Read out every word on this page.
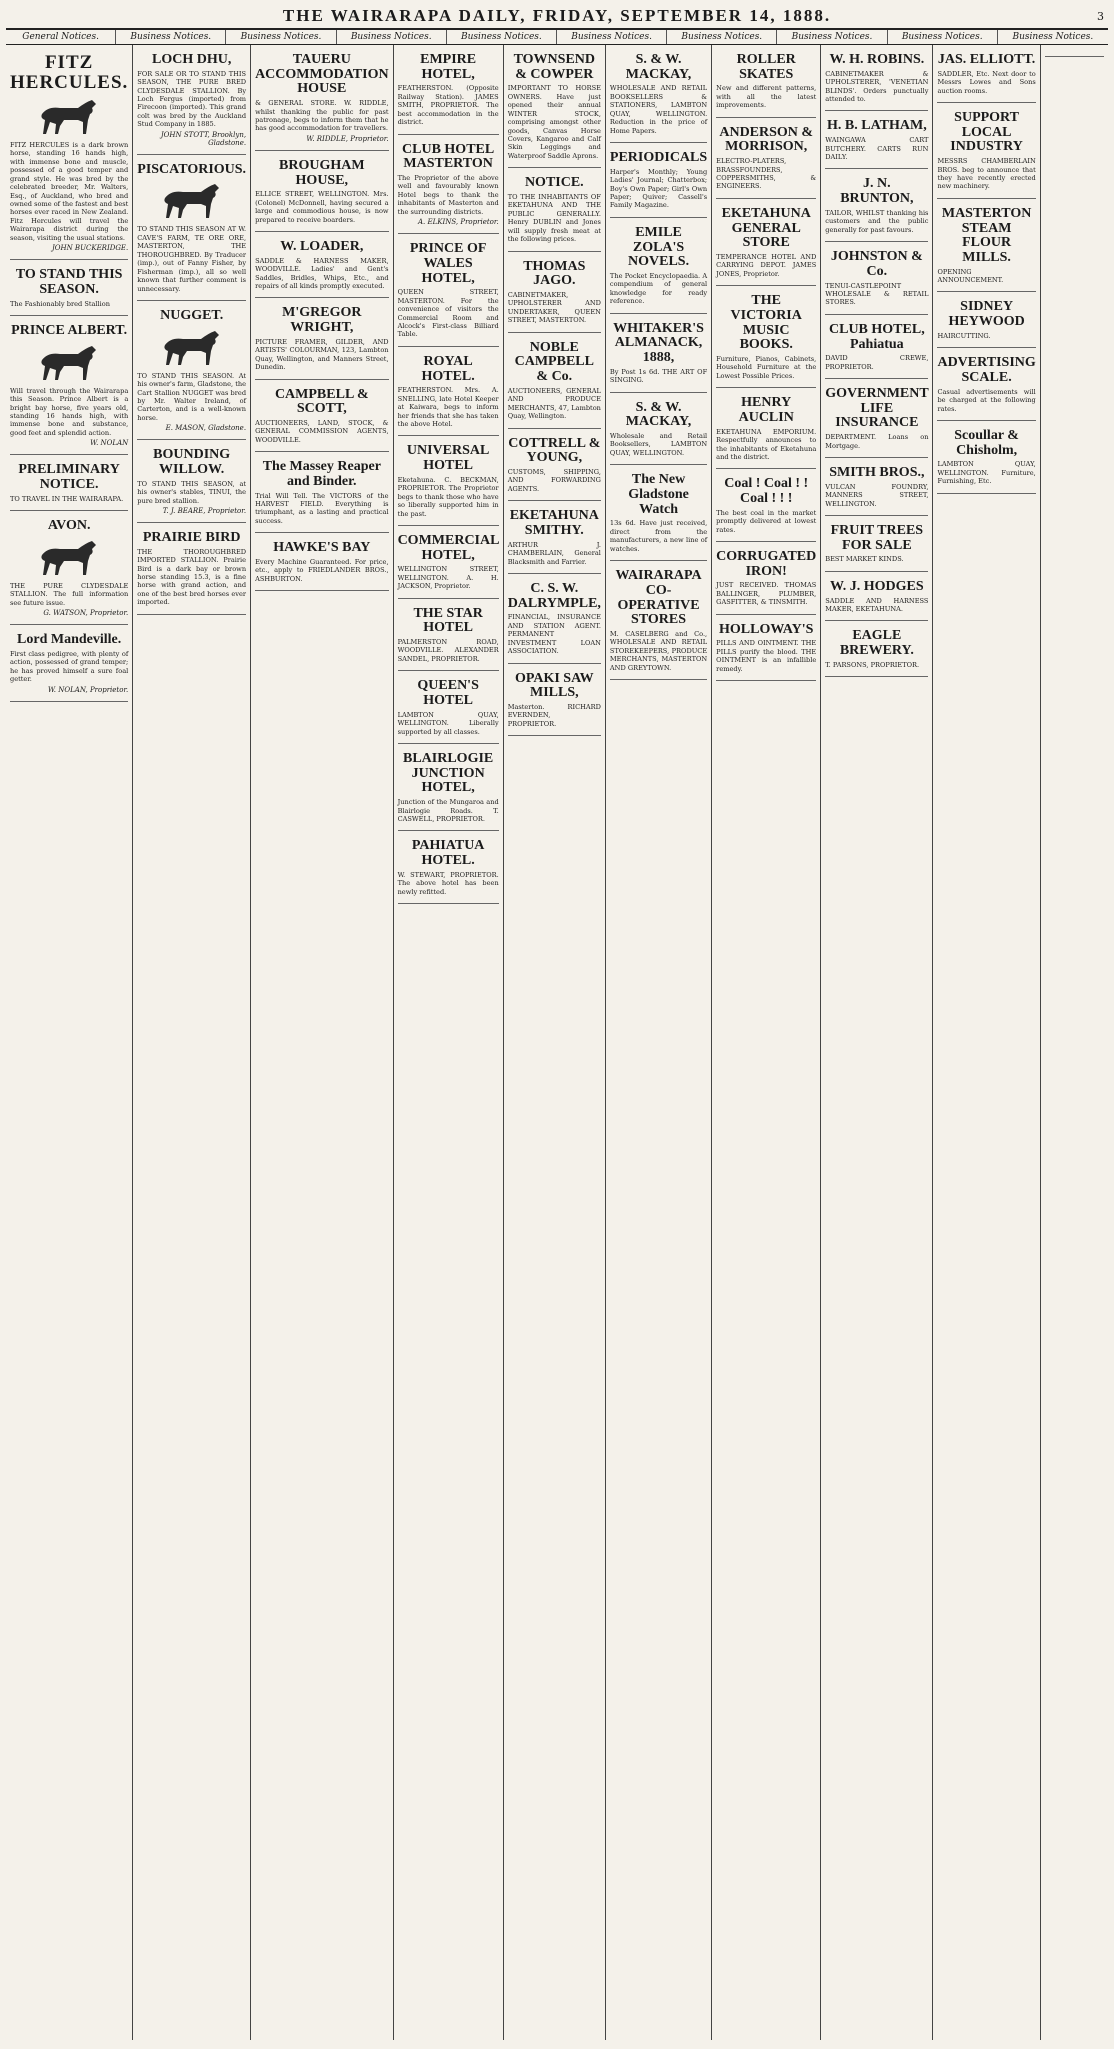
THE WAIRARAPA DAILY, FRIDAY, SEPTEMBER 14, 1888.	3
General Notices.	Business Notices.	Business Notices.	Business Notices.	Business Notices.	Business Notices.	Business Notices.	Business Notices.	Business Notices.	Business Notices.
FITZ HERCULES.

FITZ HERCULES is a dark brown horse, standing 16 hands high, with immense bone and muscle, possessed of a good temper and grand style. He was bred by the celebrated breeder, Mr. Walters, Esq., of Auckland, who bred and owned some of the fastest and best horses ever raced in New Zealand. Fitz Hercules will travel the Wairarapa district during the season, visiting the usual stations.

JOHN BUCKERIDGE.
TO STAND THIS SEASON.

The Fashionably bred Stallion

PRINCE ALBERT.

Will travel through the Wairarapa this Season. Prince Albert is a bright bay horse, five years old, standing 16 hands high, with immense bone and substance, good feet and splendid action.

W. NOLAN
PRELIMINARY NOTICE.

TO TRAVEL IN THE WAIRARAPA.

AVON.

THE PURE CLYDESDALE STALLION. The full information see future issue.

G. WATSON, Proprietor.
Lord Mandeville.

First class pedigree, with plenty of action, possessed of grand temper; he has proved himself a sure foal getter.

W. NOLAN, Proprietor.
LOCH DHU,

FOR SALE OR TO STAND THIS SEASON, THE PURE BRED CLYDESDALE STALLION. By Loch Fergus (imported) from Firecoon (imported). This grand colt was bred by the Auckland Stud Company in 1885.

JOHN STOTT, Brooklyn, Gladstone.
PISCATORIOUS.

TO STAND THIS SEASON AT W. CAVE'S FARM, TE ORE ORE, MASTERTON, THE THOROUGHBRED. By Traducer (imp.), out of Fanny Fisher, by Fisherman (imp.), all so well known that further comment is unnecessary.

NUGGET.

TO STAND THIS SEASON. At his owner's farm, Gladstone, the Cart Stallion NUGGET was bred by Mr. Walter Ireland, of Carterton, and is a well-known horse.

E. MASON, Gladstone.
BOUNDING WILLOW.

TO STAND THIS SEASON, at his owner's stables, TINUI, the pure bred stallion.

T. J. BEARE, Proprietor.
PRAIRIE BIRD

THE THOROUGHBRED IMPORTED STALLION. Prairie Bird is a dark bay or brown horse standing 15.3, is a fine horse with grand action, and one of the best bred horses ever imported.

TAUERU ACCOMMODATION HOUSE

& GENERAL STORE. W. RIDDLE, whilst thanking the public for past patronage, begs to inform them that he has good accommodation for travellers.

W. RIDDLE, Proprietor.
BROUGHAM HOUSE,

ELLICE STREET, WELLINGTON. Mrs. (Colonel) McDonnell, having secured a large and commodious house, is now prepared to receive boarders.

W. LOADER,

SADDLE & HARNESS MAKER, WOODVILLE. Ladies' and Gent's Saddles, Bridles, Whips, Etc., and repairs of all kinds promptly executed.

M'GREGOR WRIGHT,

PICTURE FRAMER, GILDER, AND ARTISTS' COLOURMAN, 123, Lambton Quay, Wellington, and Manners Street, Dunedin.

CAMPBELL & SCOTT,

AUCTIONEERS, LAND, STOCK, & GENERAL COMMISSION AGENTS, WOODVILLE.

The Massey Reaper and Binder.

Trial Will Tell. The VICTORS of the HARVEST FIELD. Everything is triumphant, as a lasting and practical success.

HAWKE'S BAY

Every Machine Guaranteed. For price, etc., apply to FRIEDLANDER BROS., ASHBURTON.

EMPIRE HOTEL,

FEATHERSTON. (Opposite Railway Station). JAMES SMITH, PROPRIETOR. The best accommodation in the district.

CLUB HOTEL MASTERTON

The Proprietor of the above well and favourably known Hotel begs to thank the inhabitants of Masterton and the surrounding districts.

A. ELKINS, Proprietor.
PRINCE OF WALES HOTEL,

QUEEN STREET, MASTERTON. For the convenience of visitors the Commercial Room and Alcock's First-class Billiard Table.

ROYAL HOTEL.

FEATHERSTON. Mrs. A. SNELLING, late Hotel Keeper at Kaiwara, begs to inform her friends that she has taken the above Hotel.

UNIVERSAL HOTEL

Eketahuna. C. BECKMAN, PROPRIETOR. The Proprietor begs to thank those who have so liberally supported him in the past.

COMMERCIAL HOTEL,

WELLINGTON STREET, WELLINGTON. A. H. JACKSON, Proprietor.

THE STAR HOTEL

PALMERSTON ROAD, WOODVILLE. ALEXANDER SANDEL, PROPRIETOR.

QUEEN'S HOTEL

LAMBTON QUAY, WELLINGTON. Liberally supported by all classes.

BLAIRLOGIE JUNCTION HOTEL,

Junction of the Mungaroa and Blairlogie Roads. T. CASWELL, PROPRIETOR.

PAHIATUA HOTEL.

W. STEWART, PROPRIETOR. The above hotel has been newly refitted.

TOWNSEND & COWPER

IMPORTANT TO HORSE OWNERS. Have just opened their annual WINTER STOCK, comprising amongst other goods, Canvas Horse Covers, Kangaroo and Calf Skin Leggings and Waterproof Saddle Aprons.

NOTICE.

TO THE INHABITANTS OF EKETAHUNA AND THE PUBLIC GENERALLY. Henry DUBLIN and Jones will supply fresh meat at the following prices.

THOMAS JAGO.

CABINETMAKER, UPHOLSTERER AND UNDERTAKER, QUEEN STREET, MASTERTON.

NOBLE CAMPBELL & Co.

AUCTIONEERS, GENERAL AND PRODUCE MERCHANTS, 47, Lambton Quay, Wellington.

COTTRELL & YOUNG,

CUSTOMS, SHIPPING, AND FORWARDING AGENTS.

EKETAHUNA SMITHY.

ARTHUR J. CHAMBERLAIN, General Blacksmith and Farrier.

C. S. W. DALRYMPLE,

FINANCIAL, INSURANCE AND STATION AGENT. PERMANENT INVESTMENT LOAN ASSOCIATION.

OPAKI SAW MILLS,

Masterton. RICHARD EVERNDEN, PROPRIETOR.

S. & W. MACKAY,

WHOLESALE AND RETAIL BOOKSELLERS & STATIONERS, LAMBTON QUAY, WELLINGTON. Reduction in the price of Home Papers.

PERIODICALS

Harper's Monthly; Young Ladies' Journal; Chatterbox; Boy's Own Paper; Girl's Own Paper; Quiver; Cassell's Family Magazine.

EMILE ZOLA'S NOVELS.

The Pocket Encyclopaedia. A compendium of general knowledge for ready reference.

WHITAKER'S ALMANACK, 1888,

By Post 1s 6d. THE ART OF SINGING.

S. & W. MACKAY,

Wholesale and Retail Booksellers, LAMBTON QUAY, WELLINGTON.

The New Gladstone Watch

13s 6d. Have just received, direct from the manufacturers, a new line of watches.

WAIRARAPA CO-OPERATIVE STORES

M. CASELBERG and Co., WHOLESALE AND RETAIL STOREKEEPERS, PRODUCE MERCHANTS, MASTERTON AND GREYTOWN.

ROLLER SKATES

New and different patterns, with all the latest improvements.

ANDERSON & MORRISON,

ELECTRO-PLATERS, BRASSFOUNDERS, COPPERSMITHS, & ENGINEERS.

EKETAHUNA GENERAL STORE

TEMPERANCE HOTEL AND CARRYING DEPOT. JAMES JONES, Proprietor.

THE VICTORIA MUSIC BOOKS.

Furniture, Pianos, Cabinets, Household Furniture at the Lowest Possible Prices.

HENRY AUCLIN

EKETAHUNA EMPORIUM. Respectfully announces to the inhabitants of Eketahuna and the district.

Coal ! Coal ! ! Coal ! ! !

The best coal in the market promptly delivered at lowest rates.

CORRUGATED IRON!

JUST RECEIVED. THOMAS BALLINGER, PLUMBER, GASFITTER, & TINSMITH.

HOLLOWAY'S

PILLS AND OINTMENT. THE PILLS purify the blood. THE OINTMENT is an infallible remedy.

W. H. ROBINS.

CABINETMAKER & UPHOLSTERER, 'VENETIAN BLINDS'. Orders punctually attended to.

H. B. LATHAM,

WAINGAWA CART BUTCHERY. CARTS RUN DAILY.

J. N. BRUNTON,

TAILOR, WHILST thanking his customers and the public generally for past favours.

JOHNSTON & Co.

TENUI-CASTLEPOINT WHOLESALE & RETAIL STORES.

CLUB HOTEL, Pahiatua

DAVID CREWE, PROPRIETOR.

GOVERNMENT LIFE INSURANCE

DEPARTMENT. Loans on Mortgage.

SMITH BROS.,

VULCAN FOUNDRY, MANNERS STREET, WELLINGTON.

FRUIT TREES FOR SALE

BEST MARKET KINDS.

W. J. HODGES

SADDLE AND HARNESS MAKER, EKETAHUNA.

EAGLE BREWERY.

T. PARSONS, PROPRIETOR.

JAS. ELLIOTT.

SADDLER, Etc. Next door to Messrs Lowes and Sons auction rooms.

SUPPORT LOCAL INDUSTRY

MESSRS CHAMBERLAIN BROS. beg to announce that they have recently erected new machinery.

MASTERTON STEAM FLOUR MILLS.

OPENING ANNOUNCEMENT.

SIDNEY HEYWOOD

HAIRCUTTING.

ADVERTISING SCALE.

Casual advertisements will be charged at the following rates.

Scoullar & Chisholm,

LAMBTON QUAY, WELLINGTON. Furniture, Furnishing, Etc.
